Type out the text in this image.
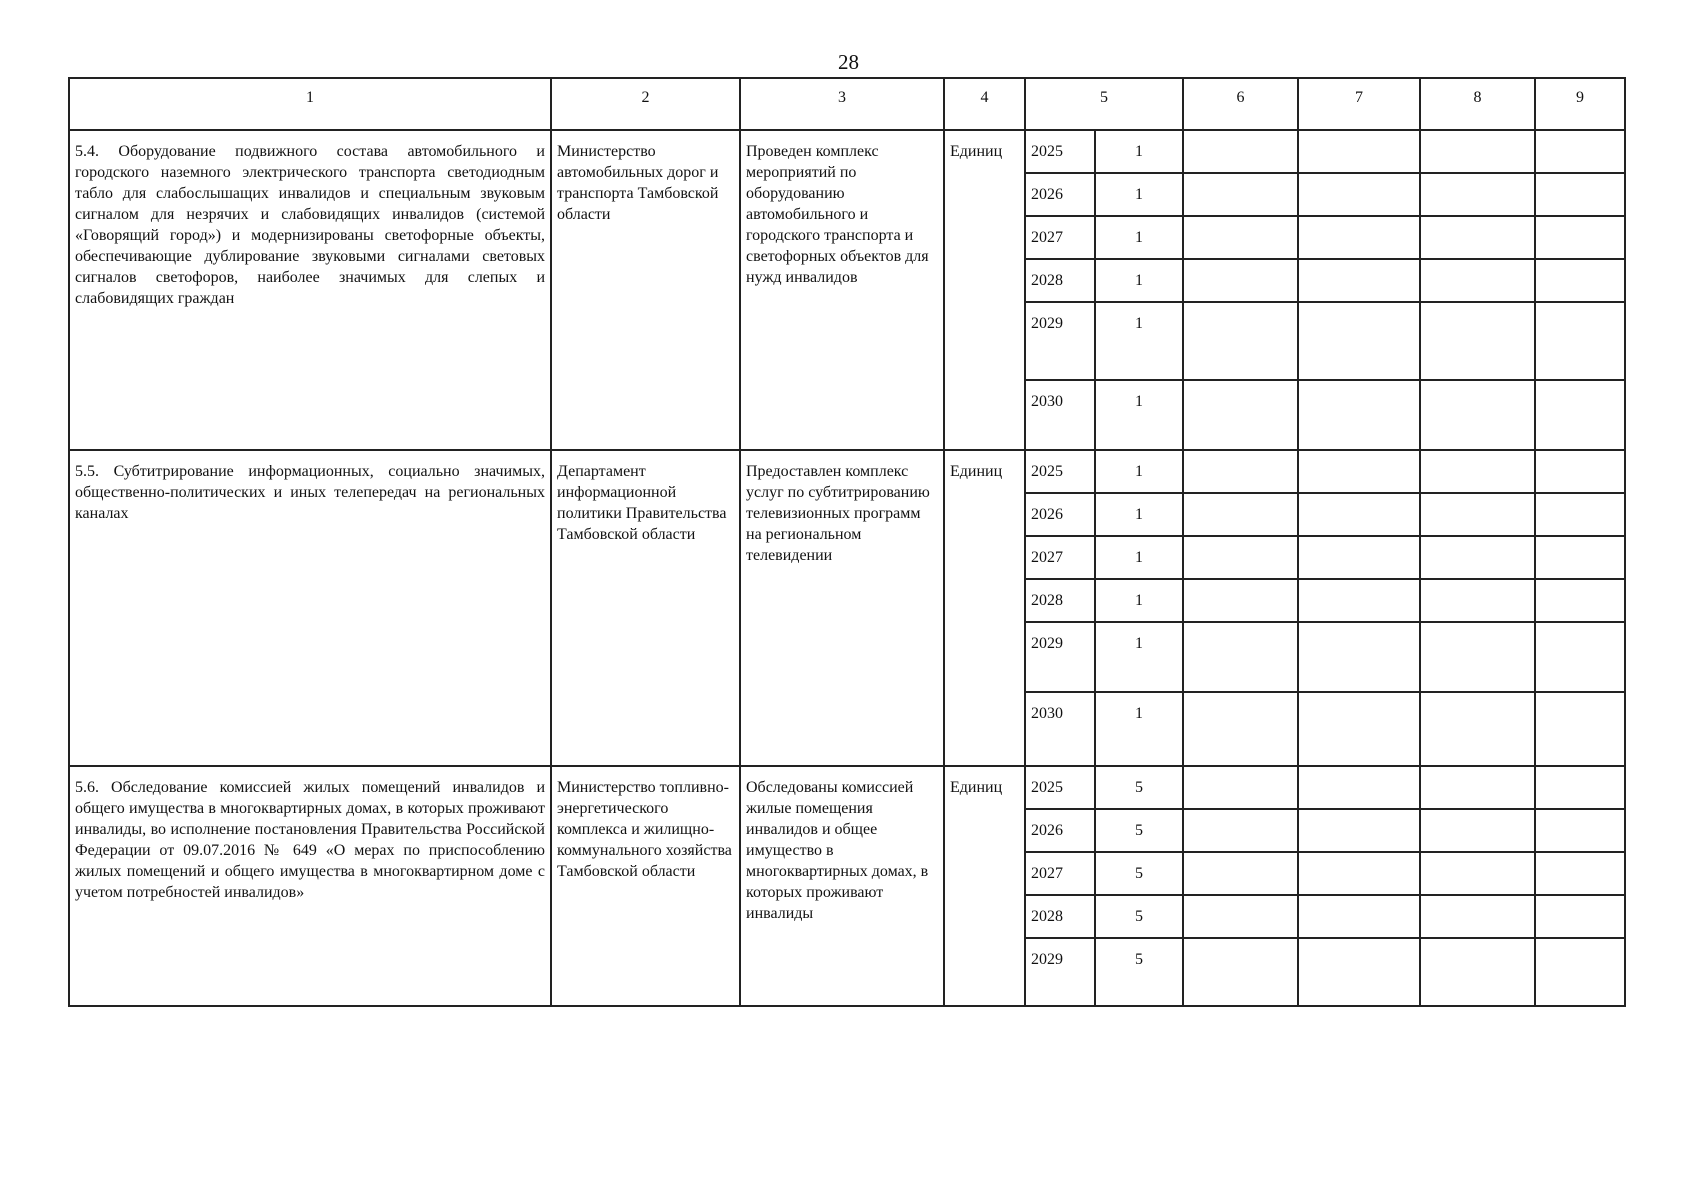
28
1	2	3	4	5		6	7	8	9
5.4. Оборудование подвижного состава автомобильного и городского наземного электрического транспорта светодиодным табло для слабослышащих инвалидов и специальным звуковым сигналом для незрячих и слабовидящих инвалидов (системой «Говорящий город») и модернизированы светофорные объекты, обеспечивающие дублирование звуковыми сигналами световых сигналов светофоров, наиболее значимых для слепых и слабовидящих граждан	Министерство автомобильных дорог и транспорта Тамбовской области	Проведен комплекс мероприятий по оборудованию автомобильного и городского транспорта и светофорных объектов для нужд инвалидов	Единиц	2025	1				
				2026	1				
				2027	1				
				2028	1				
				2029	1				
				2030	1				
5.5. Субтитрирование информационных, социально значимых, общественно-политических и иных телепередач на региональных каналах	Департамент информационной политики Правительства Тамбовской области	Предоставлен комплекс услуг по субтитрированию телевизионных программ на региональном телевидении	Единиц	2025	1				
				2026	1				
				2027	1				
				2028	1				
				2029	1				
				2030	1				
5.6. Обследование комиссией жилых помещений инвалидов и общего имущества в многоквартирных домах, в которых проживают инвалиды, во исполнение постановления Правительства Российской Федерации от 09.07.2016 № 649 «О мерах по приспособлению жилых помещений и общего имущества в многоквартирном доме с учетом потребностей инвалидов»	Министерство топливно-энергетического комплекса и жилищно-коммунального хозяйства Тамбовской области	Обследованы комиссией жилые помещения инвалидов и общее имущество в многоквартирных домах, в которых проживают инвалиды	Единиц	2025	5				
				2026	5				
				2027	5				
				2028	5				
				2029	5				
